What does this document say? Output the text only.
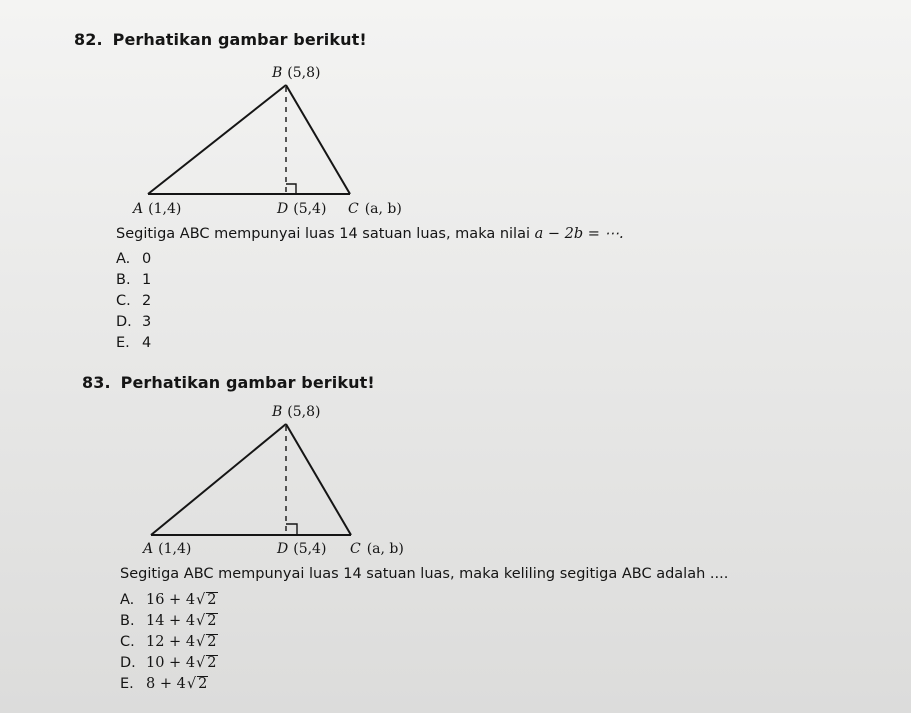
82. Perhatikan gambar berikut!
B (5,8)
A (1,4)	D (5,4) C (a, b)
Segitiga ABC mempunyai luas 14 satuan luas, maka nilai a − 2b = ⋯.
A. 0
B. 1
C. 2
D. 3
E. 4
83. Perhatikan gambar berikut!
B (5,8)
A (1,4)	D (5,4) C (a, b)
Segitiga ABC mempunyai luas 14 satuan luas, maka keliling segitiga ABC adalah ....
A. 16 + 4√ 2
B. 14 + 4√ 2
C. 12 + 4√ 2
D. 10 + 4√ 2
E. 8 + 4√ 2
